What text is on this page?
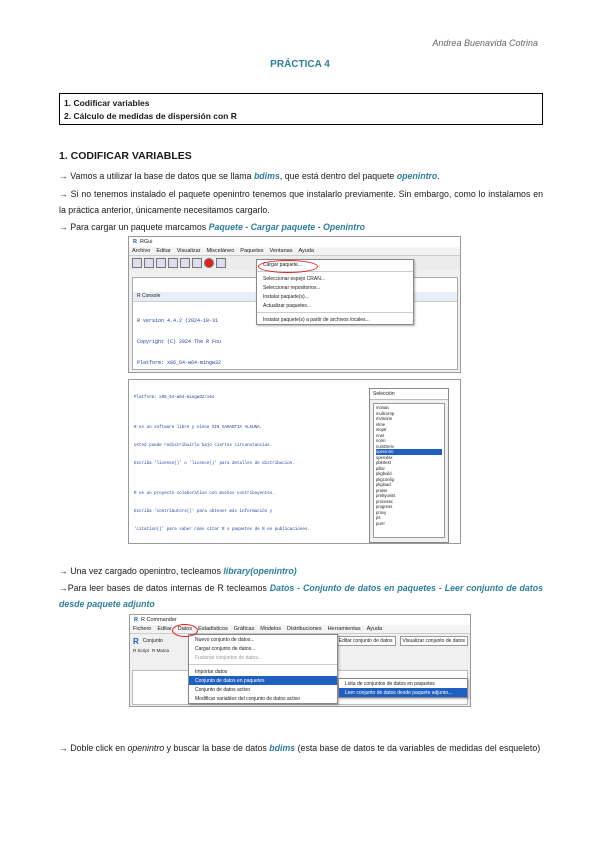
Andrea Buenavida Cotrina
PRÁCTICA 4
1. Codificar variables
2. Cálculo de medidas de dispersión con R
1. CODIFICAR VARIABLES
→ Vamos a utilizar la base de datos que se llama bdims, que está dentro del paquete openintro.
→ Si no tenemos instalado el paquete openintro tenemos que instalarlo previamente. Sin embargo, como lo instalamos en la práctica anterior, únicamente necesitamos cargarlo.
→ Para cargar un paquete marcamos Paquete - Cargar paquete - Openintro
R RGui
Archivo Editar Visualizar Misceláneo Paquetes Ventanas Ayuda

R Console

R version 4.4.2 (2024-10-31

Copyright (C) 2024 The R Fou

Platform: x86_64-w64-mingw32

Cargar paquete...
Seleccionar espejo CRAN...
Seleccionar repositorios...
Instalar paquete(s)...
Actualizar paquetes...
Instalar paquete(s) a partir de archivos locales...

Platform: x86_64-w64-mingw32/x64

R es un software libre y viene SIN GARANTIA ALGUNA.

Usted puede redistribuirlo bajo ciertas circunstancias.

Escriba 'license()' o 'licence()' para detalles de distribucion.

R es un proyecto colaborativo con muchos contribuyentes.

Escriba 'contributors()' para obtener más información y

'citation()' para saber cómo citar R o paquetes de R en publicaciones.

Selección
mosaic
multcomp
mvtnorm
nlme
nloptr
nnet
norm
numDeriv
openintro
openxlsx
pbkrtest
pillar
pkgbuild
pkgconfig
pkgload
praise
prettyunits
processx
progress
proxy
ps
purrr
→ Una vez cargado openintro, tecleamos library(openintro)
→Para leer bases de datos internas de R tecleamos Datos - Conjunto de datos en paquetes - Leer conjunto de datos desde paquete adjunto
R R Commander
Fichero Editar Datos Estadísticos Gráficas Modelos Distribuciones Herramientas Ayuda
R Conjunto	Editar conjunto de datos	Visualizar conjunto de datos
R Script R Marca
Nuevo conjunto de datos...
Cargar conjunto de datos...
Fusionar conjuntos de datos...
Importar datos
Conjunto de datos en paquetes
Conjunto de datos activo
Modificar variables del conjunto de datos activo
Lista de conjuntos de datos en paquetes
Leer conjunto de datos desde paquete adjunto...
→ Doble click en openintro y buscar la base de datos bdims (esta base de datos te da variables de medidas del esqueleto)
